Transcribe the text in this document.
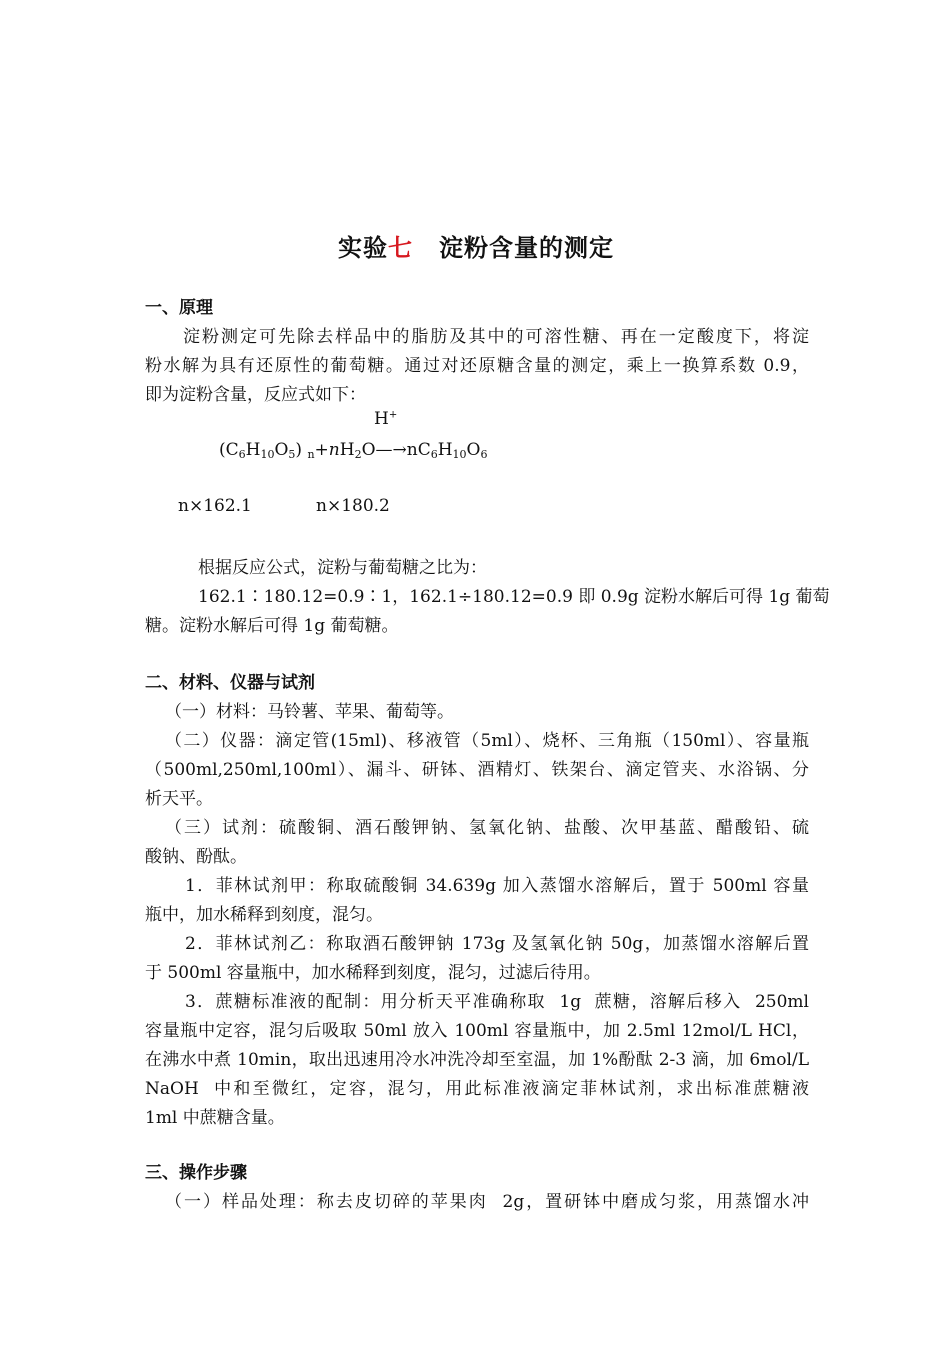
实验七 淀粉含量的测定
一、原理
淀粉测定可先除去样品中的脂肪及其中的可溶性糖、再在一定酸度下，将淀
粉水解为具有还原性的葡萄糖。通过对还原糖含量的测定，乘上一换算系数 0.9，
即为淀粉含量，反应式如下：
H+
$(C_6H_{10}O_5)$ $_n+nH_2O—\to nC_6H_{10}O_6$
n×162.1	n×180.2
根据反应公式，淀粉与葡萄糖之比为：
162.1∶180.12=0.9∶1，162.1÷180.12=0.9 即 0.9g 淀粉水解后可得 1g 葡萄
糖。淀粉水解后可得 1g 葡萄糖。
二、材料、仪器与试剂
（一）材料：马铃薯、苹果、葡萄等。
（二）仪器：滴定管(15ml)、移液管（5ml）、烧杯、三角瓶（150ml）、容量瓶
（500ml,250ml,100ml）、漏斗、研钵、酒精灯、铁架台、滴定管夹、水浴锅、分
析天平。
（三）试剂：硫酸铜、酒石酸钾钠、氢氧化钠、盐酸、次甲基蓝、醋酸铅、硫
酸钠、酚酞。
1．菲林试剂甲：称取硫酸铜 34.639g 加入蒸馏水溶解后，置于 500ml 容量
瓶中，加水稀释到刻度，混匀。
2．菲林试剂乙：称取酒石酸钾钠 173g 及氢氧化钠 50g，加蒸馏水溶解后置
于 500ml 容量瓶中，加水稀释到刻度，混匀，过滤后待用。
3．蔗糖标准液的配制：用分析天平准确称取  1g  蔗糖，溶解后移入  250ml
容量瓶中定容，混匀后吸取 50ml 放入 100ml 容量瓶中，加 2.5ml 12mol/L HCl，
在沸水中煮 10min，取出迅速用冷水冲洗冷却至室温，加 1%酚酞 2-3 滴，加 6mol/L
NaOH  中和至微红，定容，混匀，用此标准液滴定菲林试剂，求出标准蔗糖液
1ml 中蔗糖含量。
三、操作步骤
（一）样品处理：称去皮切碎的苹果肉  2g，置研钵中磨成匀浆，用蒸馏水冲
